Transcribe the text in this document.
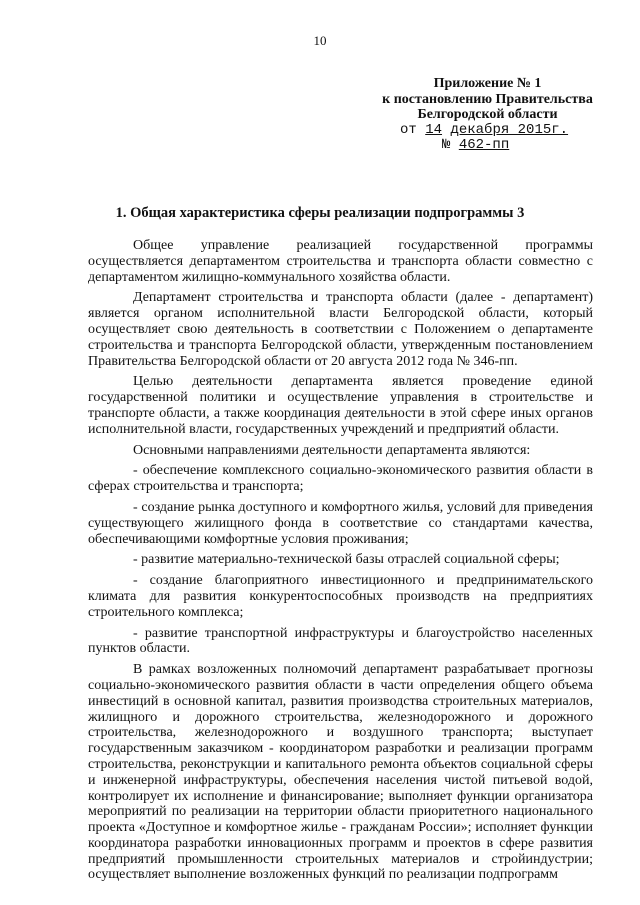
10
Приложение № 1
к постановлению Правительства
Белгородской области
от 14 декабря 2015г.
№ 462-пп
1. Общая характеристика сферы реализации подпрограммы 3

Общее управление реализацией государственной программы осуществляется департаментом строительства и транспорта области совместно с департаментом жилищно-коммунального хозяйства области.

Департамент строительства и транспорта области (далее - департамент) является органом исполнительной власти Белгородской области, который осуществляет свою деятельность в соответствии с Положением о департаменте строительства и транспорта Белгородской области, утвержденным постановлением Правительства Белгородской области от 20 августа 2012 года № 346-пп.

Целью деятельности департамента является проведение единой государственной политики и осуществление управления в строительстве и транспорте области, а также координация деятельности в этой сфере иных органов исполнительной власти, государственных учреждений и предприятий области.

Основными направлениями деятельности департамента являются:

- обеспечение комплексного социально-экономического развития области в сферах строительства и транспорта;

- создание рынка доступного и комфортного жилья, условий для приведения существующего жилищного фонда в соответствие со стандартами качества, обеспечивающими комфортные условия проживания;

- развитие материально-технической базы отраслей социальной сферы;

- создание благоприятного инвестиционного и предпринимательского климата для развития конкурентоспособных производств на предприятиях строительного комплекса;

- развитие транспортной инфраструктуры и благоустройство населенных пунктов области.

В рамках возложенных полномочий департамент разрабатывает прогнозы социально-экономического развития области в части определения общего объема инвестиций в основной капитал, развития производства строительных материалов, жилищного и дорожного строительства, железнодорожного и дорожного строительства, железнодорожного и воздушного транспорта; выступает государственным заказчиком - координатором разработки и реализации программ строительства, реконструкции и капитального ремонта объектов социальной сферы и инженерной инфраструктуры, обеспечения населения чистой питьевой водой, контролирует их исполнение и финансирование; выполняет функции организатора мероприятий по реализации на территории области приоритетного национального проекта «Доступное и комфортное жилье - гражданам России»; исполняет функции координатора разработки инновационных программ и проектов в сфере развития предприятий промышленности строительных материалов и стройиндустрии; осуществляет выполнение возложенных функций по реализации подпрограмм
